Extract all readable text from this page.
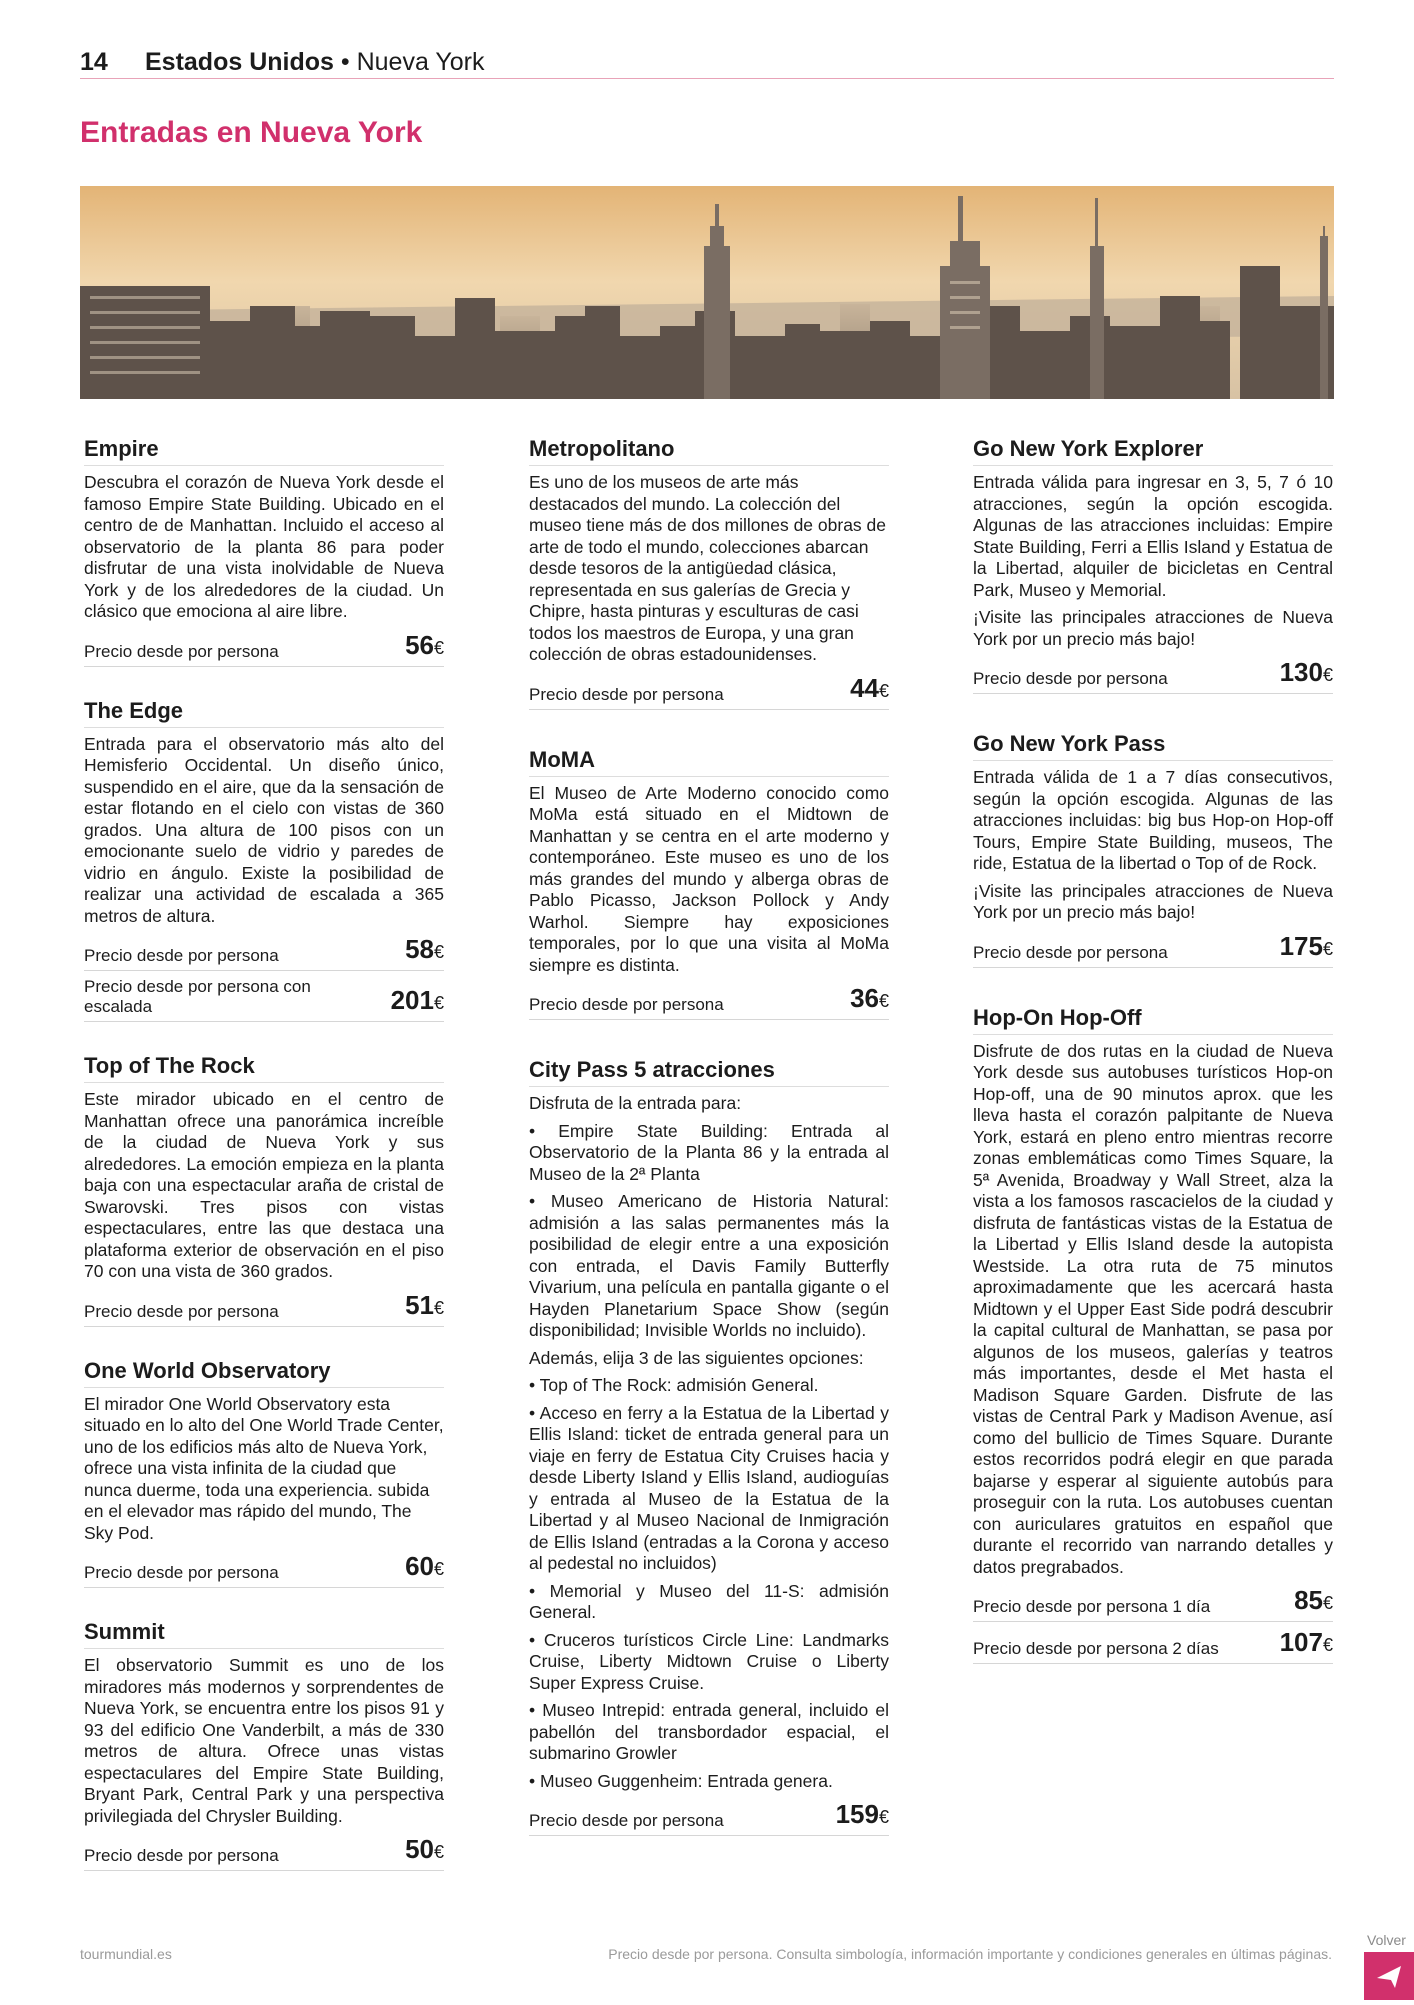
14 Estados Unidos • Nueva York
Entradas en Nueva York
Empire

Descubra el corazón de Nueva York desde el famoso Empire State Building. Ubicado en el centro de de Manhattan. Incluido el acceso al observatorio de la planta 86 para poder disfrutar de una vista inolvidable de Nueva York y de los alrededores de la ciudad. Un clásico que emociona al aire libre.

Precio desde por persona	56€
The Edge

Entrada para el observatorio más alto del Hemisferio Occidental. Un diseño único, suspendido en el aire, que da la sensación de estar flotando en el cielo con vistas de 360 grados. Una altura de 100 pisos con un emocionante suelo de vidrio y paredes de vidrio en ángulo. Existe la posibilidad de realizar una actividad de escalada a 365 metros de altura.

Precio desde por persona	58€
Precio desde por persona con escalada	201€
Top of The Rock

Este mirador ubicado en el centro de Manhattan ofrece una panorámica increíble de la ciudad de Nueva York y sus alrededores. La emoción empieza en la planta baja con una espectacular araña de cristal de Swarovski. Tres pisos con vistas espectaculares, entre las que destaca una plataforma exterior de observación en el piso 70 con una vista de 360 grados.

Precio desde por persona	51€
One World Observatory

El mirador One World Observatory esta situado en lo alto del One World Trade Center, uno de los edificios más alto de Nueva York, ofrece una vista infinita de la ciudad que nunca duerme, toda una experiencia. subida en el elevador mas rápido del mundo, The Sky Pod.

Precio desde por persona	60€
Summit

El observatorio Summit es uno de los miradores más modernos y sorprendentes de Nueva York, se encuentra entre los pisos 91 y 93 del edificio One Vanderbilt, a más de 330 metros de altura. Ofrece unas vistas espectaculares del Empire State Building, Bryant Park, Central Park y una perspectiva privilegiada del Chrysler Building.

Precio desde por persona	50€
Metropolitano

Es uno de los museos de arte más destacados del mundo. La colección del museo tiene más de dos millones de obras de arte de todo el mundo, colecciones abarcan desde tesoros de la antigüedad clásica, representada en sus galerías de Grecia y Chipre, hasta pinturas y esculturas de casi todos los maestros de Europa, y una gran colección de obras estadounidenses.

Precio desde por persona	44€
MoMA

El Museo de Arte Moderno conocido como MoMa está situado en el Midtown de Manhattan y se centra en el arte moderno y contemporáneo. Este museo es uno de los más grandes del mundo y alberga obras de Pablo Picasso, Jackson Pollock y Andy Warhol. Siempre hay exposiciones temporales, por lo que una visita al MoMa siempre es distinta.

Precio desde por persona	36€
City Pass 5 atracciones

Disfruta de la entrada para:

• Empire State Building: Entrada al Observatorio de la Planta 86 y la entrada al Museo de la 2ª Planta

• Museo Americano de Historia Natural: admisión a las salas permanentes más la posibilidad de elegir entre a una exposición con entrada, el Davis Family Butterfly Vivarium, una película en pantalla gigante o el Hayden Planetarium Space Show (según disponibilidad; Invisible Worlds no incluido).

Además, elija 3 de las siguientes opciones:

• Top of The Rock: admisión General.

• Acceso en ferry a la Estatua de la Libertad y Ellis Island: ticket de entrada general para un viaje en ferry de Estatua City Cruises hacia y desde Liberty Island y Ellis Island, audioguías y entrada al Museo de la Estatua de la Libertad y al Museo Nacional de Inmigración de Ellis Island (entradas a la Corona y acceso al pedestal no incluidos)

• Memorial y Museo del 11-S: admisión General.

• Cruceros turísticos Circle Line: Landmarks Cruise, Liberty Midtown Cruise o Liberty Super Express Cruise.

• Museo Intrepid: entrada general, incluido el pabellón del transbordador espacial, el submarino Growler

• Museo Guggenheim: Entrada genera.

Precio desde por persona	159€
Go New York Explorer

Entrada válida para ingresar en 3, 5, 7 ó 10 atracciones, según la opción escogida. Algunas de las atracciones incluidas: Empire State Building, Ferri a Ellis Island y Estatua de la Libertad, alquiler de bicicletas en Central Park, Museo y Memorial.

¡Visite las principales atracciones de Nueva York por un precio más bajo!

Precio desde por persona	130€
Go New York Pass

Entrada válida de 1 a 7 días consecutivos, según la opción escogida. Algunas de las atracciones incluidas: big bus Hop-on Hop-off Tours, Empire State Building, museos, The ride, Estatua de la libertad o Top of de Rock.

¡Visite las principales atracciones de Nueva York por un precio más bajo!

Precio desde por persona	175€
Hop-On Hop-Off

Disfrute de dos rutas en la ciudad de Nueva York desde sus autobuses turísticos Hop-on Hop-off, una de 90 minutos aprox. que les lleva hasta el corazón palpitante de Nueva York, estará en pleno entro mientras recorre zonas emblemáticas como Times Square, la 5ª Avenida, Broadway y Wall Street, alza la vista a los famosos rascacielos de la ciudad y disfruta de fantásticas vistas de la Estatua de la Libertad y Ellis Island desde la autopista Westside. La otra ruta de 75 minutos aproximadamente que les acercará hasta Midtown y el Upper East Side podrá descubrir la capital cultural de Manhattan, se pasa por algunos de los museos, galerías y teatros más importantes, desde el Met hasta el Madison Square Garden. Disfrute de las vistas de Central Park y Madison Avenue, así como del bullicio de Times Square. Durante estos recorridos podrá elegir en que parada bajarse y esperar al siguiente autobús para proseguir con la ruta. Los autobuses cuentan con auriculares gratuitos en español que durante el recorrido van narrando detalles y datos pregrabados.

Precio desde por persona 1 día	85€
Precio desde por persona 2 días 107€
tourmundial.es	Precio desde por persona. Consulta simbología, información importante y condiciones generales en últimas páginas.
Volver
